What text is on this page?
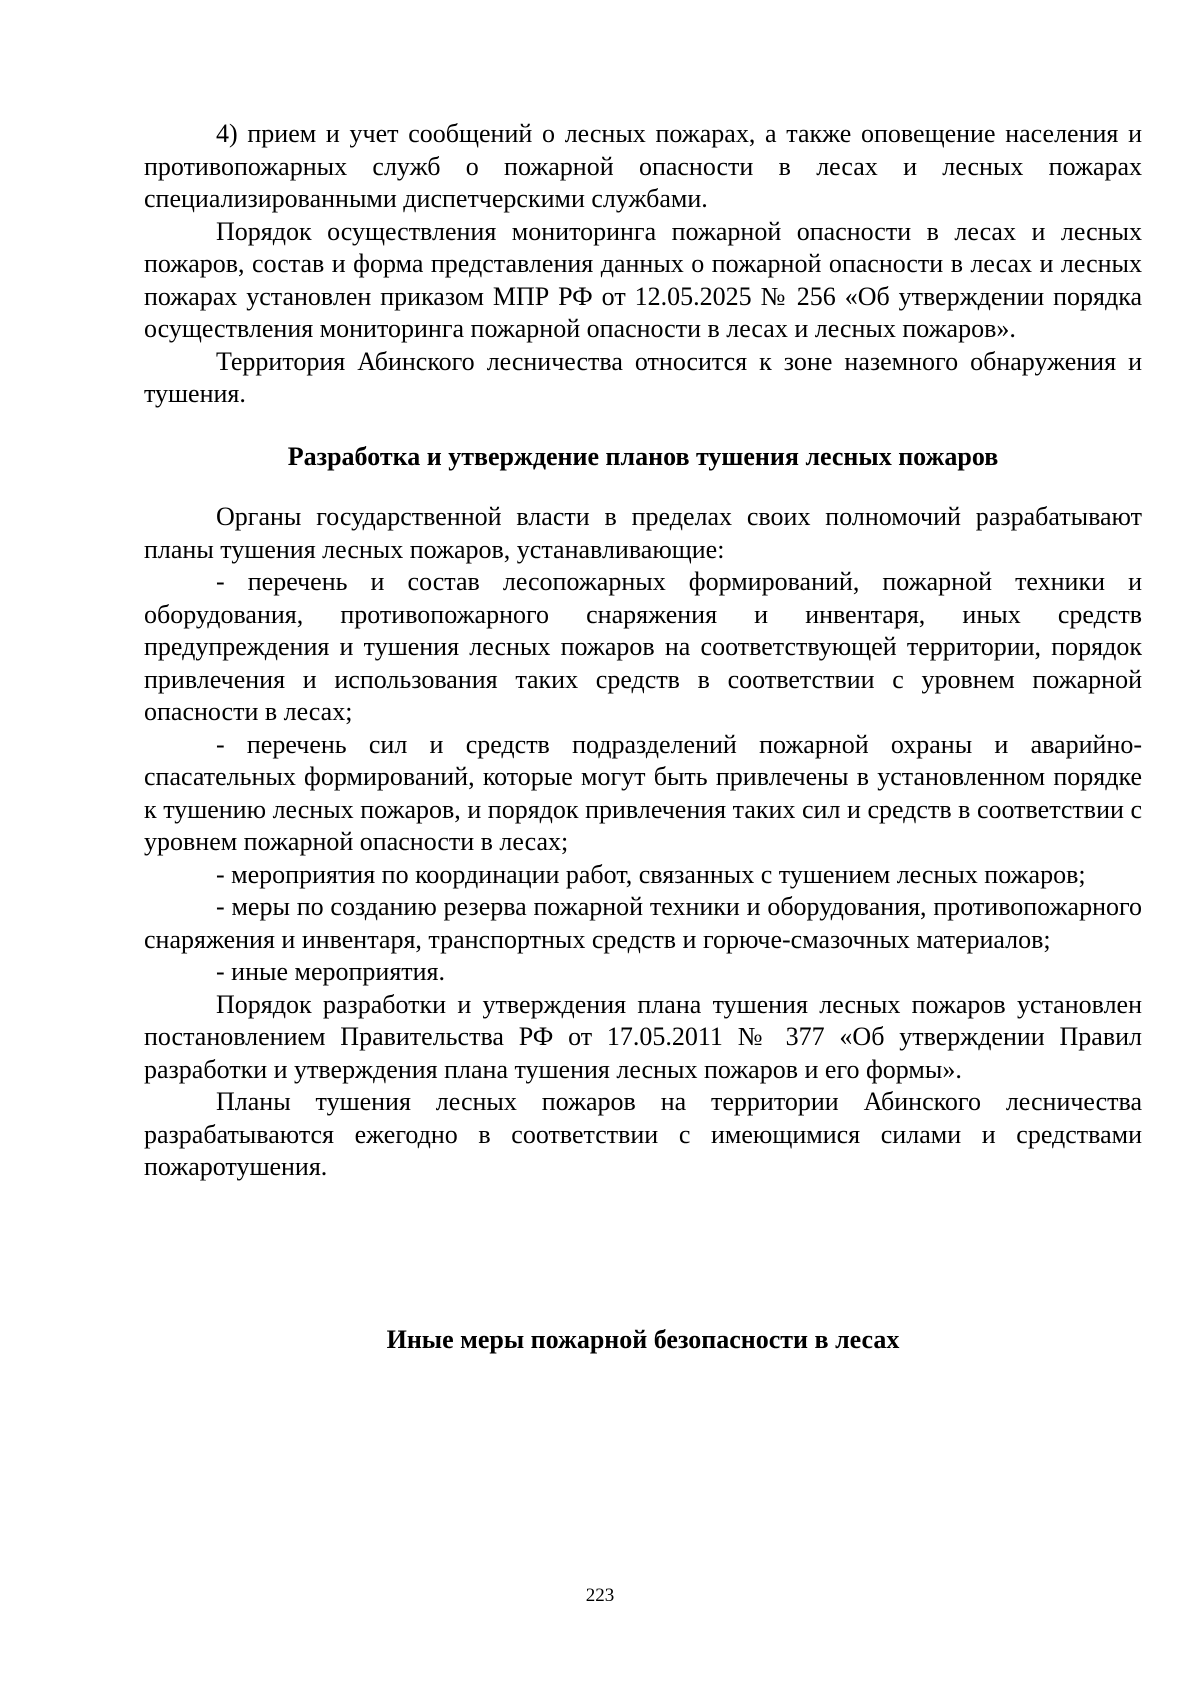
4) прием и учет сообщений о лесных пожарах, а также оповещение населения и противопожарных служб о пожарной опасности в лесах и лесных пожарах специализированными диспетчерскими службами.

Порядок осуществления мониторинга пожарной опасности в лесах и лесных пожаров, состав и форма представления данных о пожарной опасности в лесах и лесных пожарах установлен приказом МПР РФ от 12.05.2025 № 256 «Об утверждении порядка осуществления мониторинга пожарной опасности в лесах и лесных пожаров».

Территория Абинского лесничества относится к зоне наземного обнаружения и тушения.

Разработка и утверждение планов тушения лесных пожаров

Органы государственной власти в пределах своих полномочий разрабатывают планы тушения лесных пожаров, устанавливающие:

- перечень и состав лесопожарных формирований, пожарной техники и оборудования, противопожарного снаряжения и инвентаря, иных средств предупреждения и тушения лесных пожаров на соответствующей территории, порядок привлечения и использования таких средств в соответствии с уровнем пожарной опасности в лесах;

- перечень сил и средств подразделений пожарной охраны и аварийно-спасательных формирований, которые могут быть привлечены в установленном порядке к тушению лесных пожаров, и порядок привлечения таких сил и средств в соответствии с уровнем пожарной опасности в лесах;

- мероприятия по координации работ, связанных с тушением лесных пожаров;

- меры по созданию резерва пожарной техники и оборудования, противопожарного снаряжения и инвентаря, транспортных средств и горюче-смазочных материалов;

- иные мероприятия.

Порядок разработки и утверждения плана тушения лесных пожаров установлен постановлением Правительства РФ от 17.05.2011 № 377 «Об утверждении Правил разработки и утверждения плана тушения лесных пожаров и его формы».

Планы тушения лесных пожаров на территории Абинского лесничества разрабатываются ежегодно в соответствии с имеющимися силами и средствами пожаротушения.

Иные меры пожарной безопасности в лесах
223
